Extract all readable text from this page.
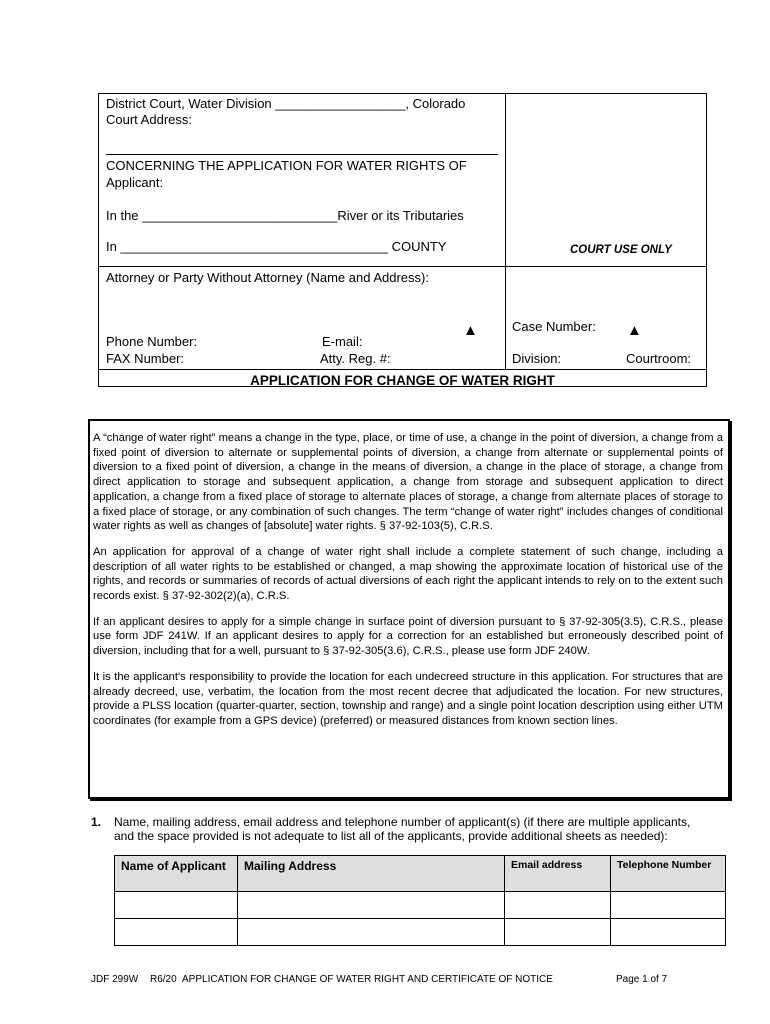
District Court, Water Division __________________, Colorado
Court Address:
CONCERNING THE APPLICATION FOR WATER RIGHTS OF
Applicant:
In the ___________________________River or its Tributaries
In _____________________________________ COUNTY	COURT USE ONLY
Attorney or Party Without Attorney (Name and Address):
▲
Phone Number:	E-mail:
FAX Number:	Atty. Reg. #:
Case Number: ▲
Division:	Courtroom:
APPLICATION FOR CHANGE OF WATER RIGHT

A “change of water right” means a change in the type, place, or time of use, a change in the point of diversion, a change from a fixed point of diversion to alternate or supplemental points of diversion, a change from alternate or supplemental points of diversion to a fixed point of diversion, a change in the means of diversion, a change in the place of storage, a change from direct application to storage and subsequent application, a change from storage and subsequent application to direct application, a change from a fixed place of storage to alternate places of storage, a change from alternate places of storage to a fixed place of storage, or any combination of such changes. The term “change of water right” includes changes of conditional water rights as well as changes of [absolute] water rights. § 37-92-103(5), C.R.S.

An application for approval of a change of water right shall include a complete statement of such change, including a description of all water rights to be established or changed, a map showing the approximate location of historical use of the rights, and records or summaries of records of actual diversions of each right the applicant intends to rely on to the extent such records exist. § 37-92-302(2)(a), C.R.S.

If an applicant desires to apply for a simple change in surface point of diversion pursuant to § 37-92-305(3.5), C.R.S., please use form JDF 241W. If an applicant desires to apply for a correction for an established but erroneously described point of diversion, including that for a well, pursuant to § 37-92-305(3.6), C.R.S., please use form JDF 240W.

It is the applicant's responsibility to provide the location for each undecreed structure in this application. For structures that are already decreed, use, verbatim, the location from the most recent decree that adjudicated the location. For new structures, provide a PLSS location (quarter-quarter, section, township and range) and a single point location description using either UTM coordinates (for example from a GPS device) (preferred) or measured distances from known section lines.

1. Name, mailing address, email address and telephone number of applicant(s) (if there are multiple applicants,
and the space provided is not adequate to list all of the applicants, provide additional sheets as needed):
Name of Applicant	Mailing Address	Email address	Telephone Number

JDF 299W R6/20 APPLICATION FOR CHANGE OF WATER RIGHT AND CERTIFICATE OF NOTICE	Page 1 of 7
